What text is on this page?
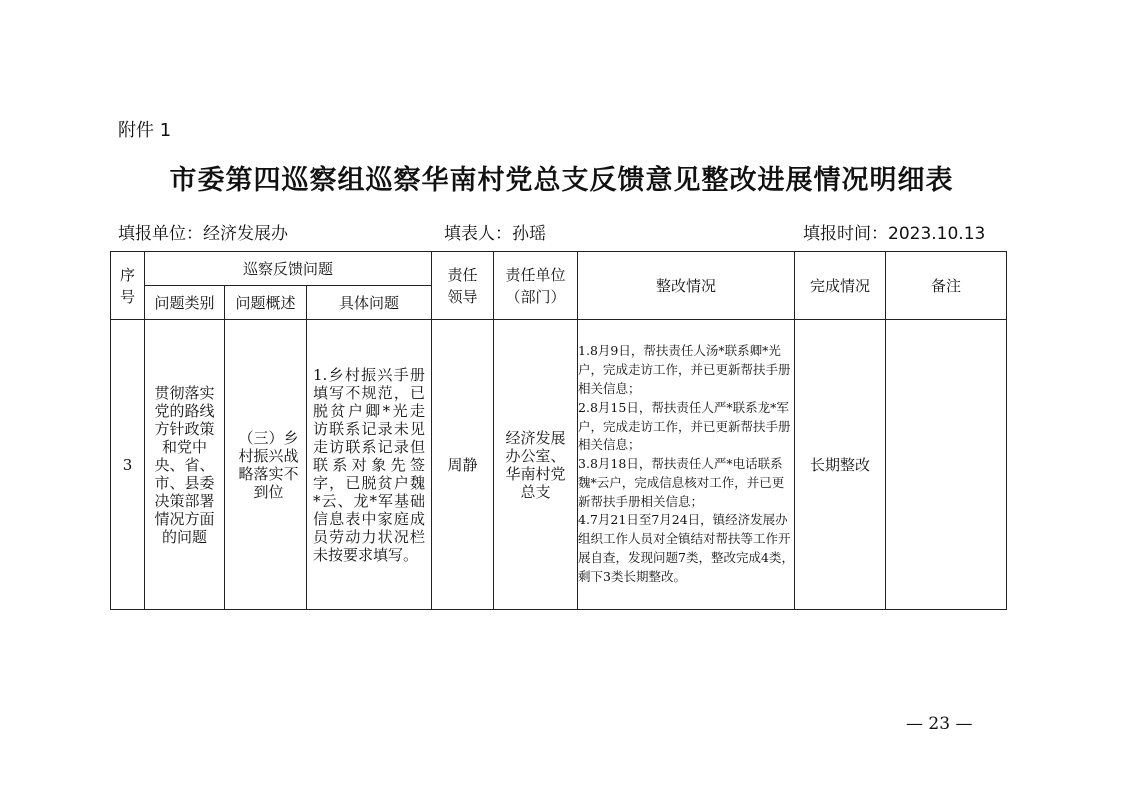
附件 1
市委第四巡察组巡察华南村党总支反馈意见整改进展情况明细表
填报单位：经济发展办	填表人：孙瑶	填报时间：2023.10.13
序号	巡察反馈问题			责任领导	责任单位（部门）	整改情况	完成情况	备注
	问题类别	问题概述	具体问题					
3	贯彻落实党的路线方针政策和党中央、省、市、县委决策部署情况方面的问题	（三）乡村振兴战略落实不到位	1.乡村振兴手册填写不规范，已脱贫户卿*光走访联系记录未见走访联系记录但联系对象先签字，已脱贫户魏*云、龙*军基础信息表中家庭成员劳动力状况栏未按要求填写。	周静	经济发展办公室、华南村党总支	1.8月9日，帮扶责任人汤*联系卿*光户，完成走访工作，并已更新帮扶手册相关信息；
2.8月15日，帮扶责任人严*联系龙*军户，完成走访工作，并已更新帮扶手册相关信息；
3.8月18日，帮扶责任人严*电话联系魏*云户，完成信息核对工作，并已更新帮扶手册相关信息；
4.7月21日至7月24日，镇经济发展办组织工作人员对全镇结对帮扶等工作开展自查，发现问题7类，整改完成4类，剩下3类长期整改。	长期整改	
— 23 —
